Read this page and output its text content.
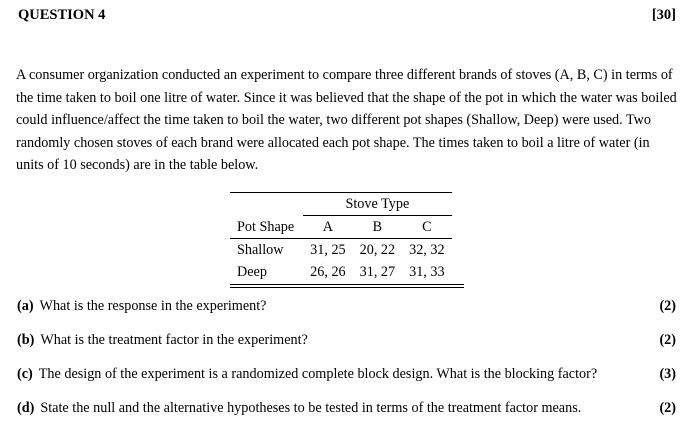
QUESTION 4	[30]

A consumer organization conducted an experiment to compare three different brands of stoves (A, B, C) in terms of the time taken to boil one litre of water. Since it was believed that the shape of the pot in which the water was boiled could influence/affect the time taken to boil the water, two different pot shapes (Shallow, Deep) were used. Two randomly chosen stoves of each brand were allocated each pot shape. The times taken to boil a litre of water (in units of 10 seconds) are in the table below.

	Stove Type		
Pot Shape	A	B	C
Shallow	31, 25	20, 22	32, 32
Deep	26, 26	31, 27	31, 33
(a) What is the response in the experiment?	(2)
(b) What is the treatment factor in the experiment?	(2)
(c) The design of the experiment is a randomized complete block design. What is the blocking factor?	(3)
(d) State the null and the alternative hypotheses to be tested in terms of the treatment factor means.	(2)
